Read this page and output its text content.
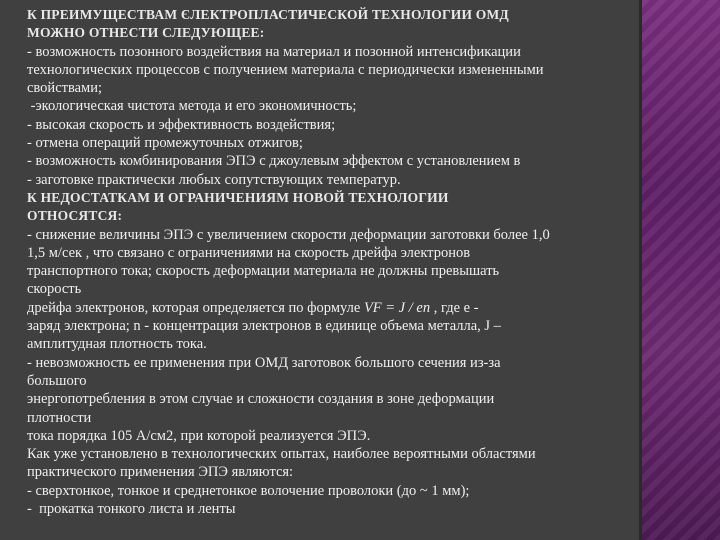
К ПРЕИМУЩЕСТВАМ ЄЛЕКТРОПЛАСТИЧЕСКОЙ ТЕХНОЛОГИИ ОМД
МОЖНО ОТНЕСТИ СЛЕДУЮЩЕЕ:
- возможность позонного воздействия на материал и позонной интенсификации
технологических процессов с получением материала с периодически измененными
свойствами;
-экологическая чистота метода и его экономичность;
- высокая скорость и эффективность воздействия;
- отмена операций промежуточных отжигов;
- возможность комбинирования ЭПЭ с джоулевым эффектом с установлением в
- заготовке практически любых сопутствующих температур.
К НЕДОСТАТКАМ И ОГРАНИЧЕНИЯМ НОВОЙ ТЕХНОЛОГИИ
ОТНОСЯТСЯ:
- снижение величины ЭПЭ с увеличением скорости деформации заготовки более 1,0
1,5 м/сек , что связано с ограничениями на скорость дрейфа электронов
транспортного тока; скорость деформации материала не должны превышать
скорость
дрейфа электронов, которая определяется по формуле VF = J / en , где е -
заряд электрона; n - концентрация электронов в единице объема металла, J –
амплитудная плотность тока.
- невозможность ее применения при ОМД заготовок большого сечения из-за
большого
энергопотребления в этом случае и сложности создания в зоне деформации
плотности
тока порядка 105 А/см2, при которой реализуется ЭПЭ.
Как уже установлено в технологических опытах, наиболее вероятными областями
практического применения ЭПЭ являются:
- сверхтонкое, тонкое и среднетонкое волочение проволоки (до ~ 1 мм);
-  прокатка тонкого листа и ленты
